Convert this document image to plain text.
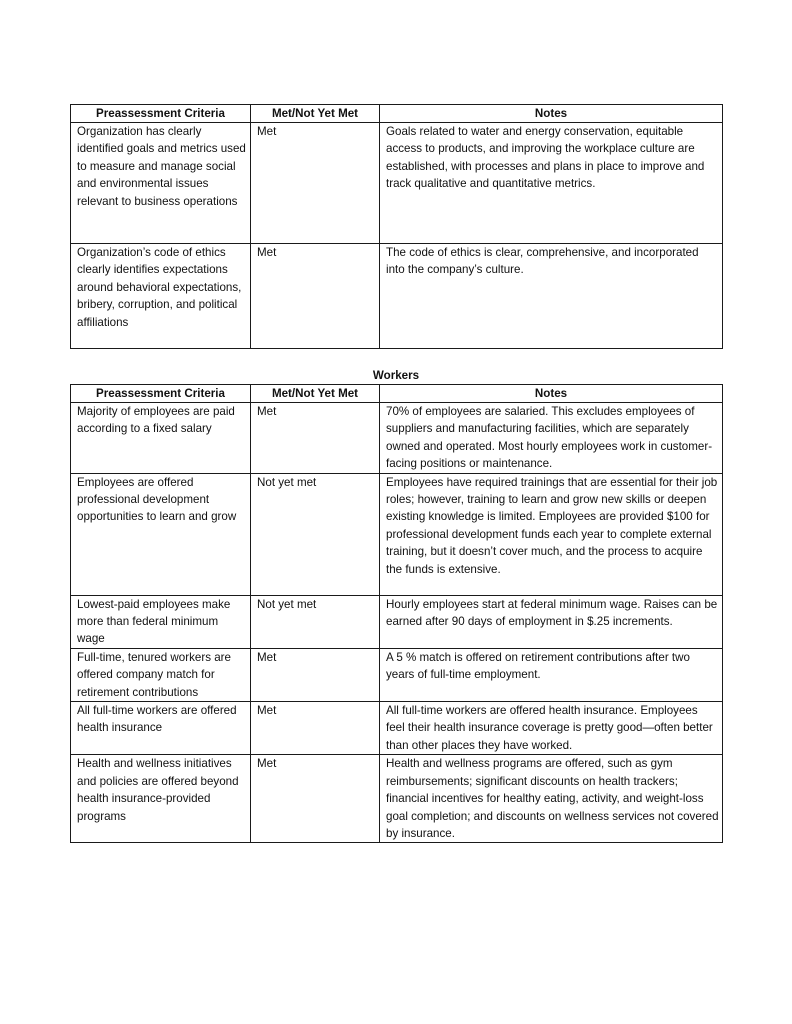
Preassessment Criteria	Met/Not Yet Met	Notes
Organization has clearly identified goals and metrics used to measure and manage social and environmental issues relevant to business operations	Met	Goals related to water and energy conservation, equitable access to products, and improving the workplace culture are established, with processes and plans in place to improve and track qualitative and quantitative metrics.
Organization’s code of ethics clearly identifies expectations around behavioral expectations, bribery, corruption, and political affiliations	Met	The code of ethics is clear, comprehensive, and incorporated into the company’s culture.
Workers
Preassessment Criteria	Met/Not Yet Met	Notes
Majority of employees are paid according to a fixed salary	Met	70% of employees are salaried. This excludes employees of suppliers and manufacturing facilities, which are separately owned and operated. Most hourly employees work in customer-facing positions or maintenance.
Employees are offered professional development opportunities to learn and grow	Not yet met	Employees have required trainings that are essential for their job roles; however, training to learn and grow new skills or deepen existing knowledge is limited. Employees are provided $100 for professional development funds each year to complete external training, but it doesn’t cover much, and the process to acquire the funds is extensive.
Lowest-paid employees make more than federal minimum wage	Not yet met	Hourly employees start at federal minimum wage. Raises can be earned after 90 days of employment in $.25 increments.
Full-time, tenured workers are offered company match for retirement contributions	Met	A 5 % match is offered on retirement contributions after two years of full-time employment.
All full-time workers are offered health insurance	Met	All full-time workers are offered health insurance. Employees feel their health insurance coverage is pretty good—often better than other places they have worked.
Health and wellness initiatives and policies are offered beyond health insurance-provided programs	Met	Health and wellness programs are offered, such as gym reimbursements; significant discounts on health trackers; financial incentives for healthy eating, activity, and weight-loss goal completion; and discounts on wellness services not covered by insurance.
